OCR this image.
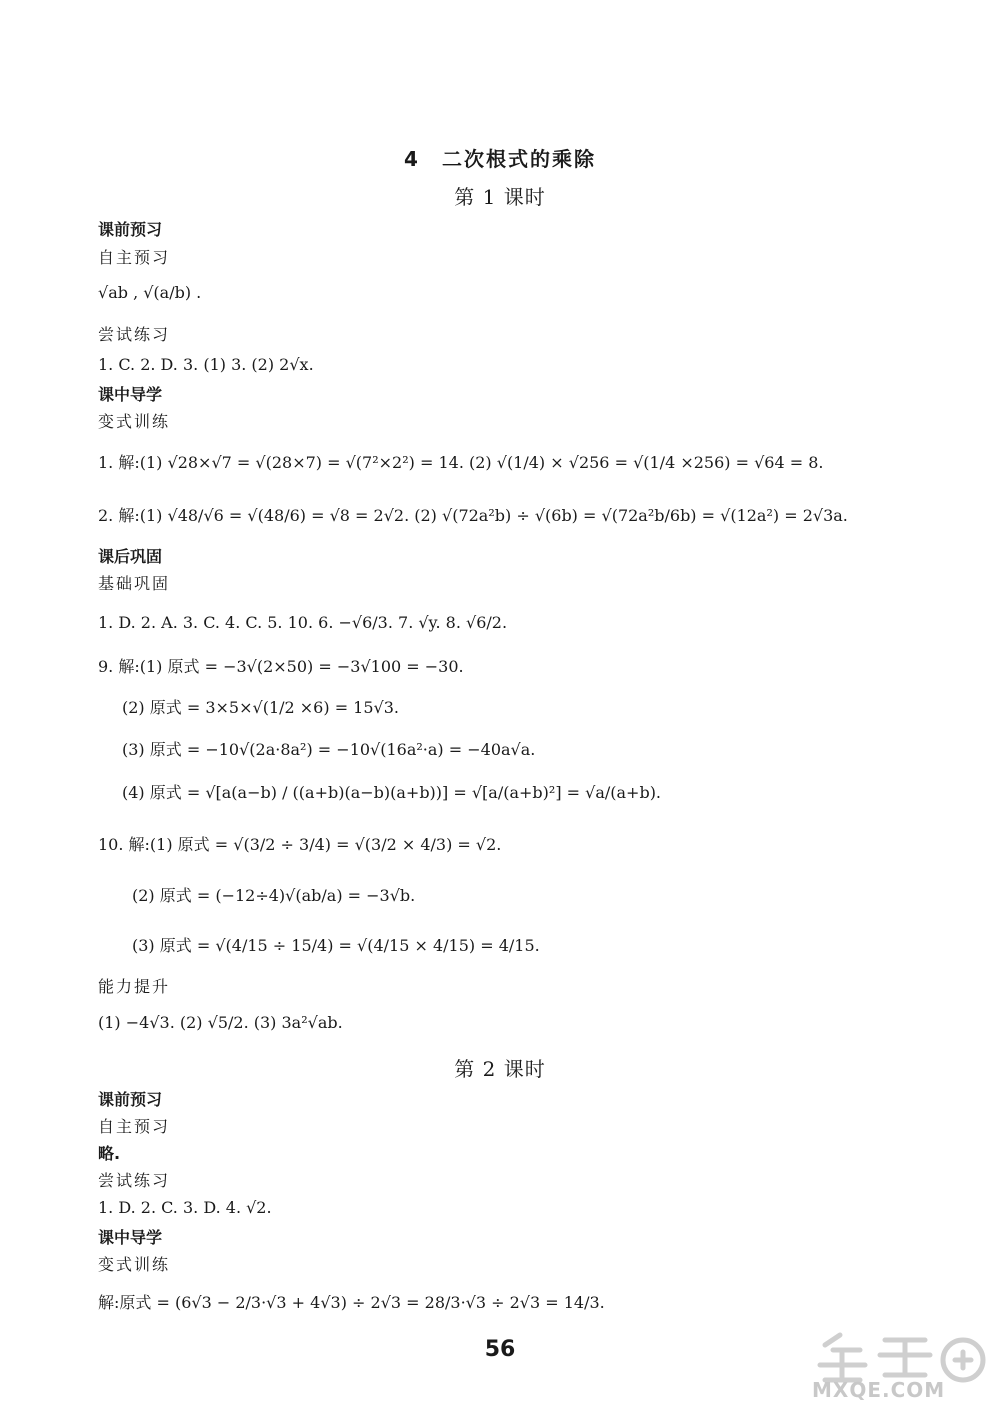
4 二次根式的乘除
第 1 课时
课前预习
自主预习
√ab , √(a/b) .
尝试练习
1. C. 2. D. 3. (1) 3. (2) 2√x.
课中导学
变式训练
1. 解:(1) √28×√7 = √(28×7) = √(7²×2²) = 14. (2) √(1/4) × √256 = √(1/4 ×256) = √64 = 8.
2. 解:(1) √48/√6 = √(48/6) = √8 = 2√2. (2) √(72a²b) ÷ √(6b) = √(72a²b/6b) = √(12a²) = 2√3a.
课后巩固
基础巩固
1. D. 2. A. 3. C. 4. C. 5. 10. 6. −√6/3. 7. √y. 8. √6/2.
9. 解:(1) 原式 = −3√(2×50) = −3√100 = −30.
(2) 原式 = 3×5×√(1/2 ×6) = 15√3.
(3) 原式 = −10√(2a·8a²) = −10√(16a²·a) = −40a√a.
(4) 原式 = √[a(a−b) / ((a+b)(a−b)(a+b))] = √[a/(a+b)²] = √a/(a+b).
10. 解:(1) 原式 = √(3/2 ÷ 3/4) = √(3/2 × 4/3) = √2.
(2) 原式 = (−12÷4)√(ab/a) = −3√b.
(3) 原式 = √(4/15 ÷ 15/4) = √(4/15 × 4/15) = 4/15.
能力提升
(1) −4√3. (2) √5/2. (3) 3a²√ab.
第 2 课时
课前预习
自主预习
略.
尝试练习
1. D. 2. C. 3. D. 4. √2.
课中导学
变式训练
解:原式 = (6√3 − 2/3·√3 + 4√3) ÷ 2√3 = 28/3·√3 ÷ 2√3 = 14/3.
56
MXQE.COM
